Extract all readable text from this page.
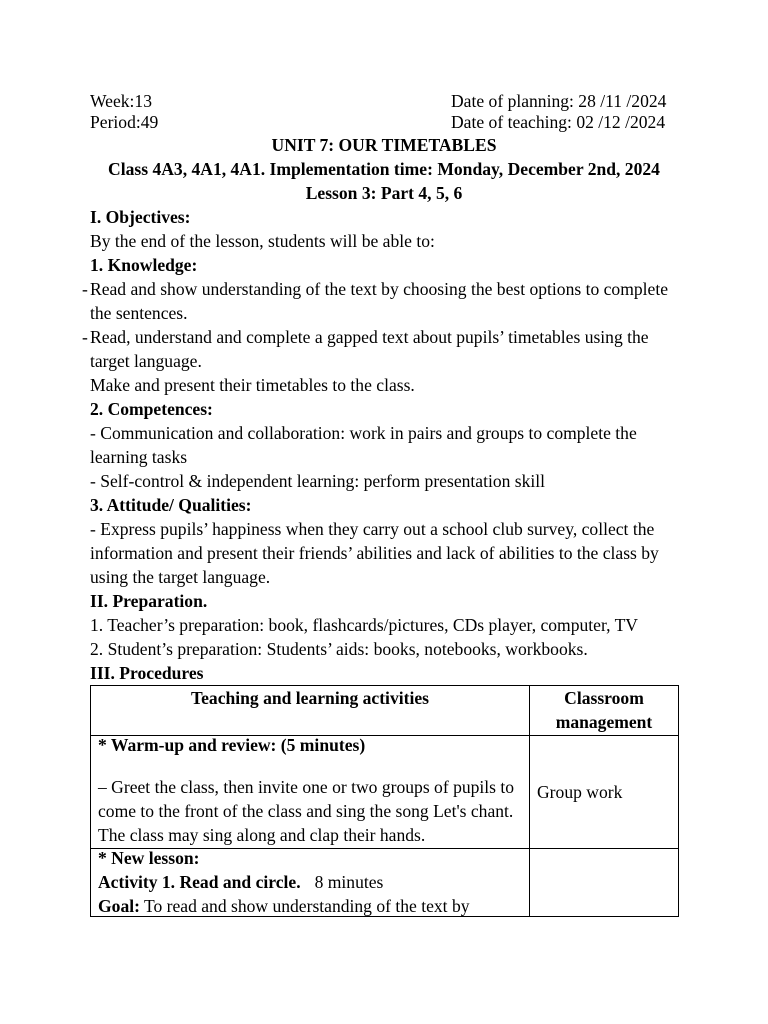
Week:13	Date of planning: 28 /11 /2024
Period:49	Date of teaching: 02 /12 /2024

UNIT 7: OUR TIMETABLES

Class 4A3, 4A1, 4A1. Implementation time: Monday, December 2nd, 2024

Lesson 3: Part 4, 5, 6

I. Objectives:

By the end of the lesson, students will be able to:

1. Knowledge:

- Read and show understanding of the text by choosing the best options to complete the sentences.
- Read, understand and complete a gapped text about pupils’ timetables using the target language.

Make and present their timetables to the class.

2. Competences:

- Communication and collaboration: work in pairs and groups to complete the learning tasks

- Self-control & independent learning: perform presentation skill

3. Attitude/ Qualities:

- Express pupils’ happiness when they carry out a school club survey, collect the information and present their friends’ abilities and lack of abilities to the class by using the target language.

II. Preparation.

1. Teacher’s preparation: book, flashcards/pictures, CDs player, computer, TV

2. Student’s preparation: Students’ aids: books, notebooks, workbooks.

III. Procedures

Teaching and learning activities	Classroom management

* Warm-up and review: (5 minutes)
– Greet the class, then invite one or two groups of pupils to come to the front of the class and sing the song Let's chant. The class may sing along and clap their hands.	Group work

* New lesson:
Activity 1. Read and circle. 8 minutes
Goal: To read and show understanding of the text by	
